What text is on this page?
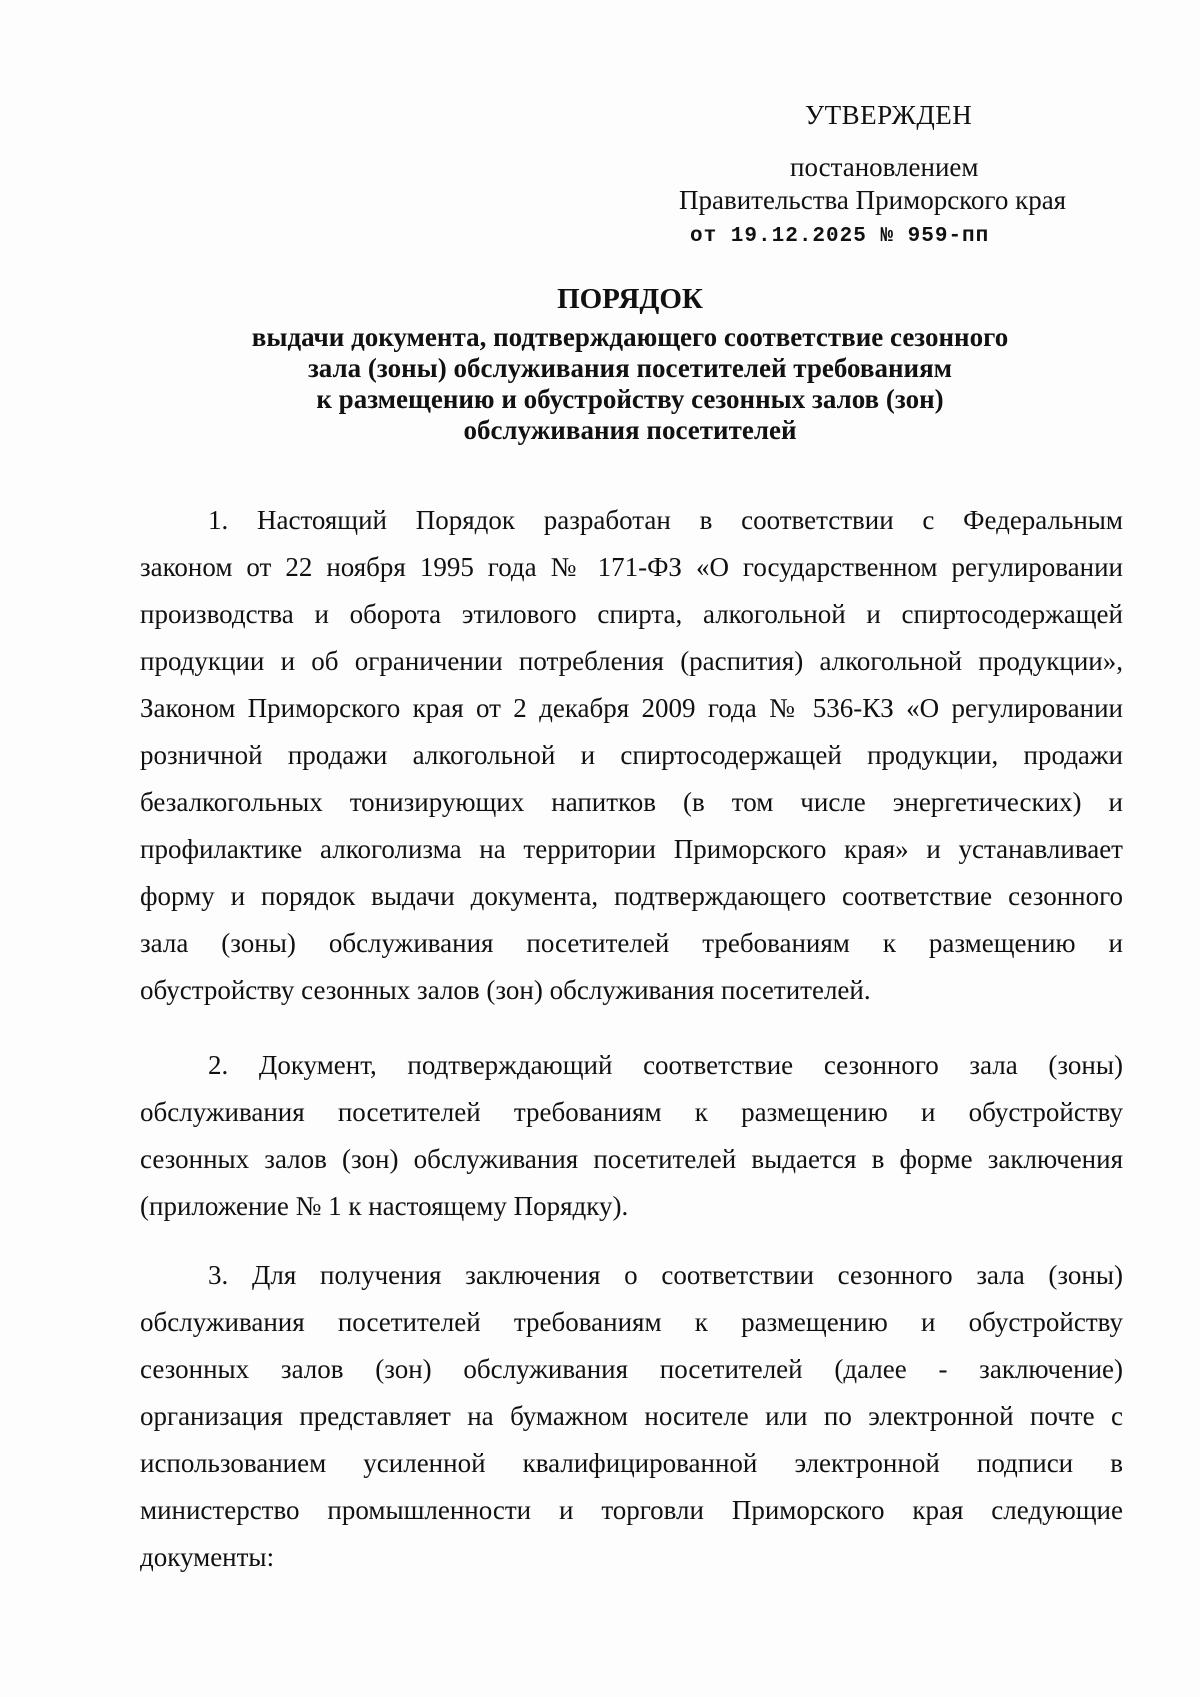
УТВЕРЖДЕН
постановлением
Правительства Приморского края
от 19.12.2025 № 959-пп
ПОРЯДОК
выдачи документа, подтверждающего соответствие сезонного
зала (зоны) обслуживания посетителей требованиям
к размещению и обустройству сезонных залов (зон)
обслуживания посетителей
1. Настоящий Порядок разработан в соответствии с Федеральным
законом от 22 ноября 1995 года № 171-ФЗ «О государственном регулировании
производства и оборота этилового спирта, алкогольной и спиртосодержащей
продукции и об ограничении потребления (распития) алкогольной продукции»,
Законом Приморского края от 2 декабря 2009 года № 536-КЗ «О регулировании
розничной продажи алкогольной и спиртосодержащей продукции, продажи
безалкогольных тонизирующих напитков (в том числе энергетических) и
профилактике алкоголизма на территории Приморского края» и устанавливает
форму и порядок выдачи документа, подтверждающего соответствие сезонного
зала (зоны) обслуживания посетителей требованиям к размещению и
обустройству сезонных залов (зон) обслуживания посетителей.
2. Документ, подтверждающий соответствие сезонного зала (зоны)
обслуживания посетителей требованиям к размещению и обустройству
сезонных залов (зон) обслуживания посетителей выдается в форме заключения
(приложение № 1 к настоящему Порядку).
3. Для получения заключения о соответствии сезонного зала (зоны)
обслуживания посетителей требованиям к размещению и обустройству
сезонных залов (зон) обслуживания посетителей (далее - заключение)
организация представляет на бумажном носителе или по электронной почте с
использованием усиленной квалифицированной электронной подписи в
министерство промышленности и торговли Приморского края следующие
документы:
